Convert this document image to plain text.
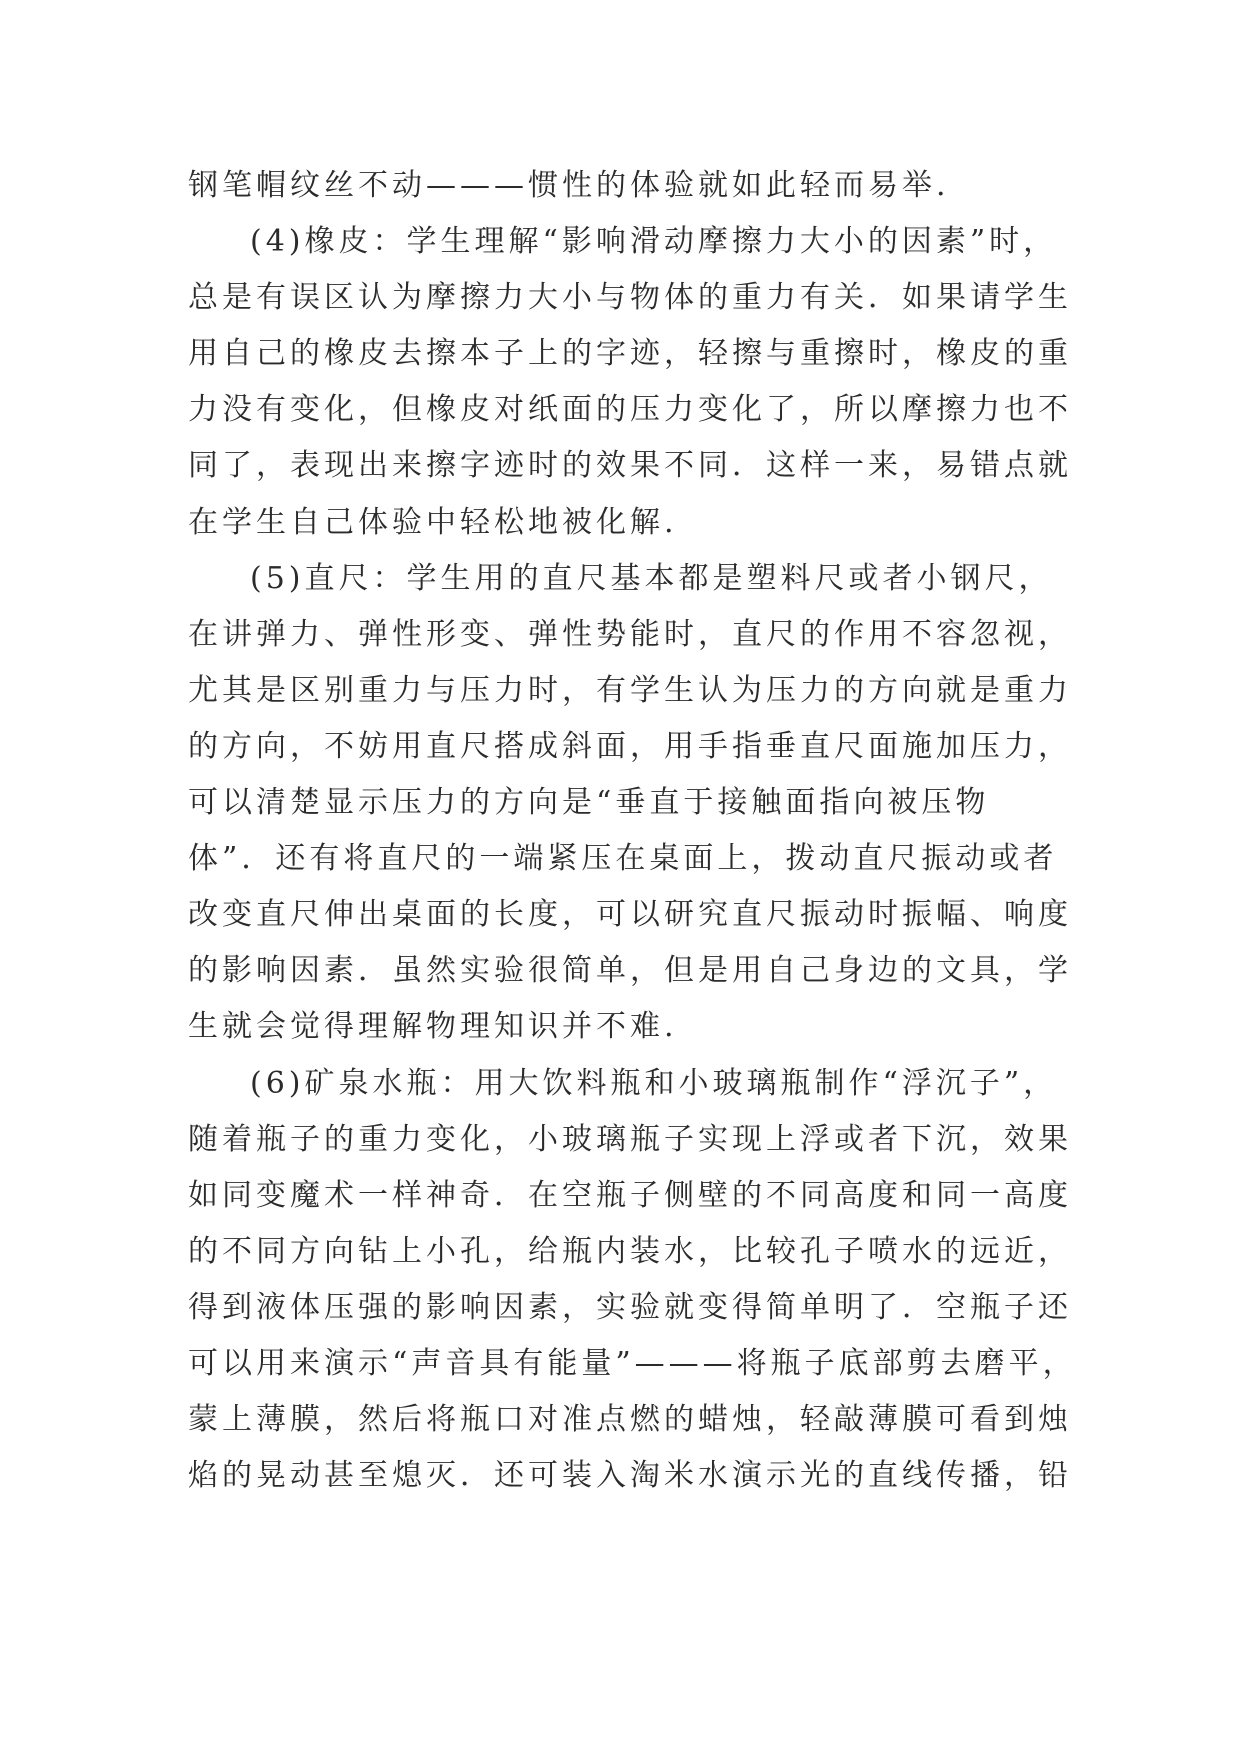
钢笔帽纹丝不动———惯性的体验就如此轻而易举.
(4)橡皮：学生理解“影响滑动摩擦力大小的因素”时，
总是有误区认为摩擦力大小与物体的重力有关．如果请学生
用自己的橡皮去擦本子上的字迹，轻擦与重擦时，橡皮的重
力没有变化，但橡皮对纸面的压力变化了，所以摩擦力也不
同了，表现出来擦字迹时的效果不同．这样一来，易错点就
在学生自己体验中轻松地被化解.
(5)直尺：学生用的直尺基本都是塑料尺或者小钢尺，
在讲弹力、弹性形变、弹性势能时，直尺的作用不容忽视，
尤其是区别重力与压力时，有学生认为压力的方向就是重力
的方向，不妨用直尺搭成斜面，用手指垂直尺面施加压力，
可以清楚显示压力的方向是“垂直于接触面指向被压物
体”．还有将直尺的一端紧压在桌面上，拨动直尺振动或者
改变直尺伸出桌面的长度，可以研究直尺振动时振幅、响度
的影响因素．虽然实验很简单，但是用自己身边的文具，学
生就会觉得理解物理知识并不难.
(6)矿泉水瓶：用大饮料瓶和小玻璃瓶制作“浮沉子”，
随着瓶子的重力变化，小玻璃瓶子实现上浮或者下沉，效果
如同变魔术一样神奇．在空瓶子侧壁的不同高度和同一高度
的不同方向钻上小孔，给瓶内装水，比较孔子喷水的远近，
得到液体压强的影响因素，实验就变得简单明了．空瓶子还
可以用来演示“声音具有能量”———将瓶子底部剪去磨平，
蒙上薄膜，然后将瓶口对准点燃的蜡烛，轻敲薄膜可看到烛
焰的晃动甚至熄灭．还可装入淘米水演示光的直线传播，铅
